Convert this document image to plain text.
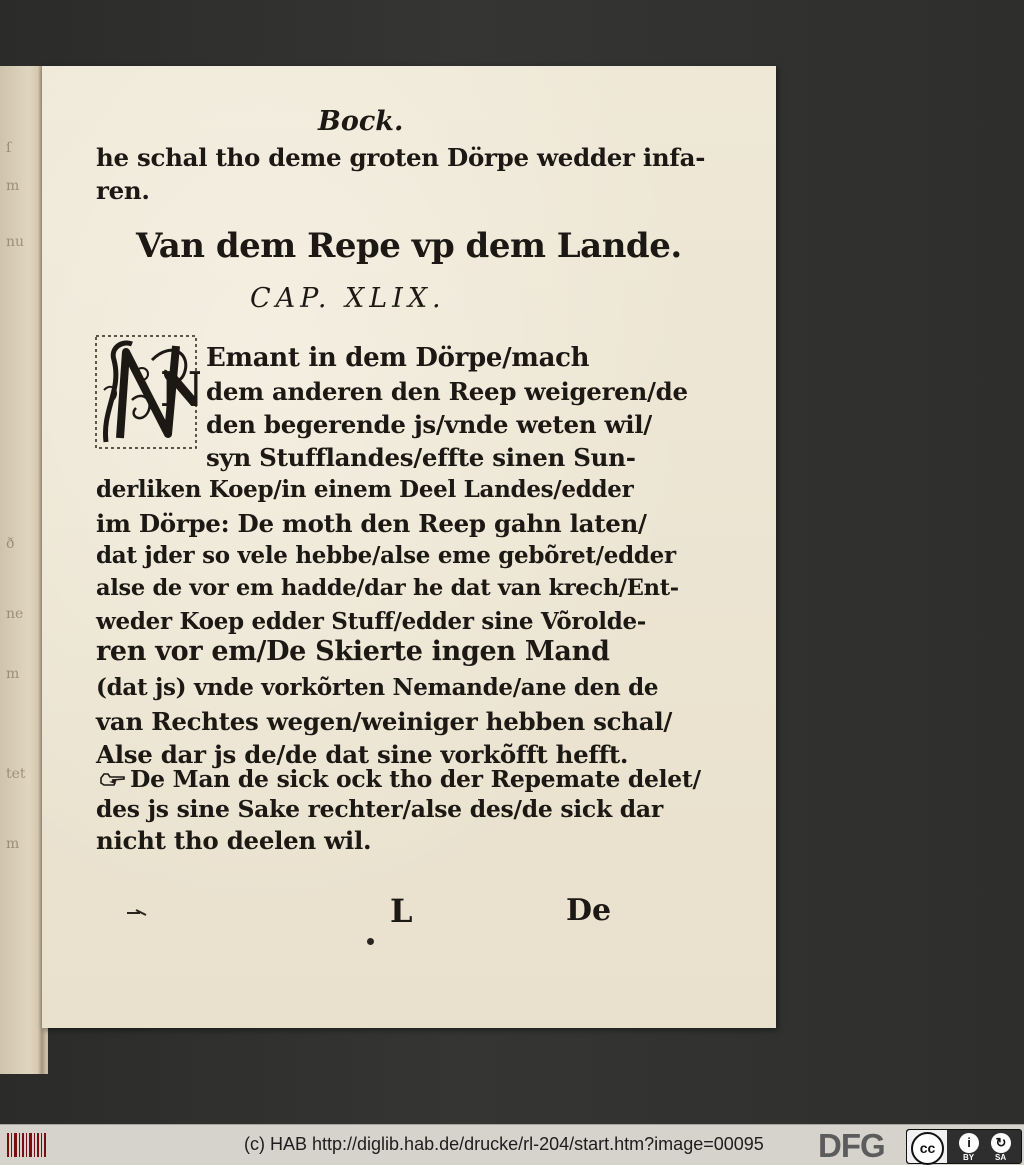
ſ
m
nu
ð
ne
m
tet
m
Bock.
he schal tho deme groten Dörpe wedder infa-
ren.
Van dem Repe vp dem Lande.
CAP. XLIX.
N
Emant in dem Dörpe/mach
dem anderen den Reep weigeren/de
den begerende js/vnde weten wil/
syn Stufflandes/effte sinen Sun-
derliken Koep/in einem Deel Landes/edder
im Dörpe: De moth den Reep gahn laten/
dat jder so vele hebbe/alse eme gebõret/edder
alse de vor em hadde/dar he dat van krech/Ent-
weder Koep edder Stuff/edder sine Võrolde-
ren vor em/De Skierte ingen Mand
(dat js) vnde vorkõrten Nemande/ane den de
van Rechtes wegen/weiniger hebben schal/
Alse dar js de/de dat sine vorkõfft hefft.
De Man de sick ock tho der Repemate delet/
des js sine Sake rechter/alse des/de sick dar
nicht tho deelen wil.
L	De
(c) HAB http://diglib.hab.de/drucke/rl-204/start.htm?image=00095 DFG	cc	i	↻
BY	SA
